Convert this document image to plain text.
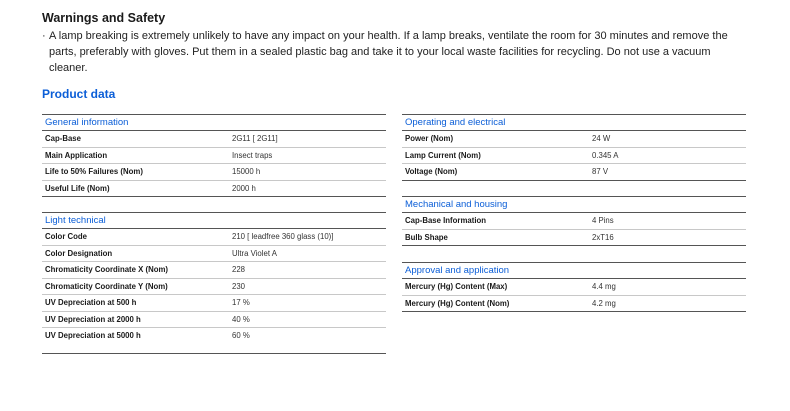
Warnings and Safety
· A lamp breaking is extremely unlikely to have any impact on your health. If a lamp breaks, ventilate the room for 30 minutes and remove the parts, preferably with gloves. Put them in a sealed plastic bag and take it to your local waste facilities for recycling. Do not use a vacuum cleaner.
Product data
General information
Cap-Base	2G11 [ 2G11]
Main Application	Insect traps
Life to 50% Failures (Nom)	15000 h
Useful Life (Nom)	2000 h
Light technical
Color Code	210 [ leadfree 360 glass (10)]
Color Designation	Ultra Violet A
Chromaticity Coordinate X (Nom)	228
Chromaticity Coordinate Y (Nom)	230
UV Depreciation at 500 h	17 %
UV Depreciation at 2000 h	40 %
UV Depreciation at 5000 h	60 %
Operating and electrical
Power (Nom)	24 W
Lamp Current (Nom)	0.345 A
Voltage (Nom)	87 V
Mechanical and housing
Cap-Base Information	4 Pins
Bulb Shape	2xT16
Approval and application
Mercury (Hg) Content (Max)	4.4 mg
Mercury (Hg) Content (Nom)	4.2 mg
